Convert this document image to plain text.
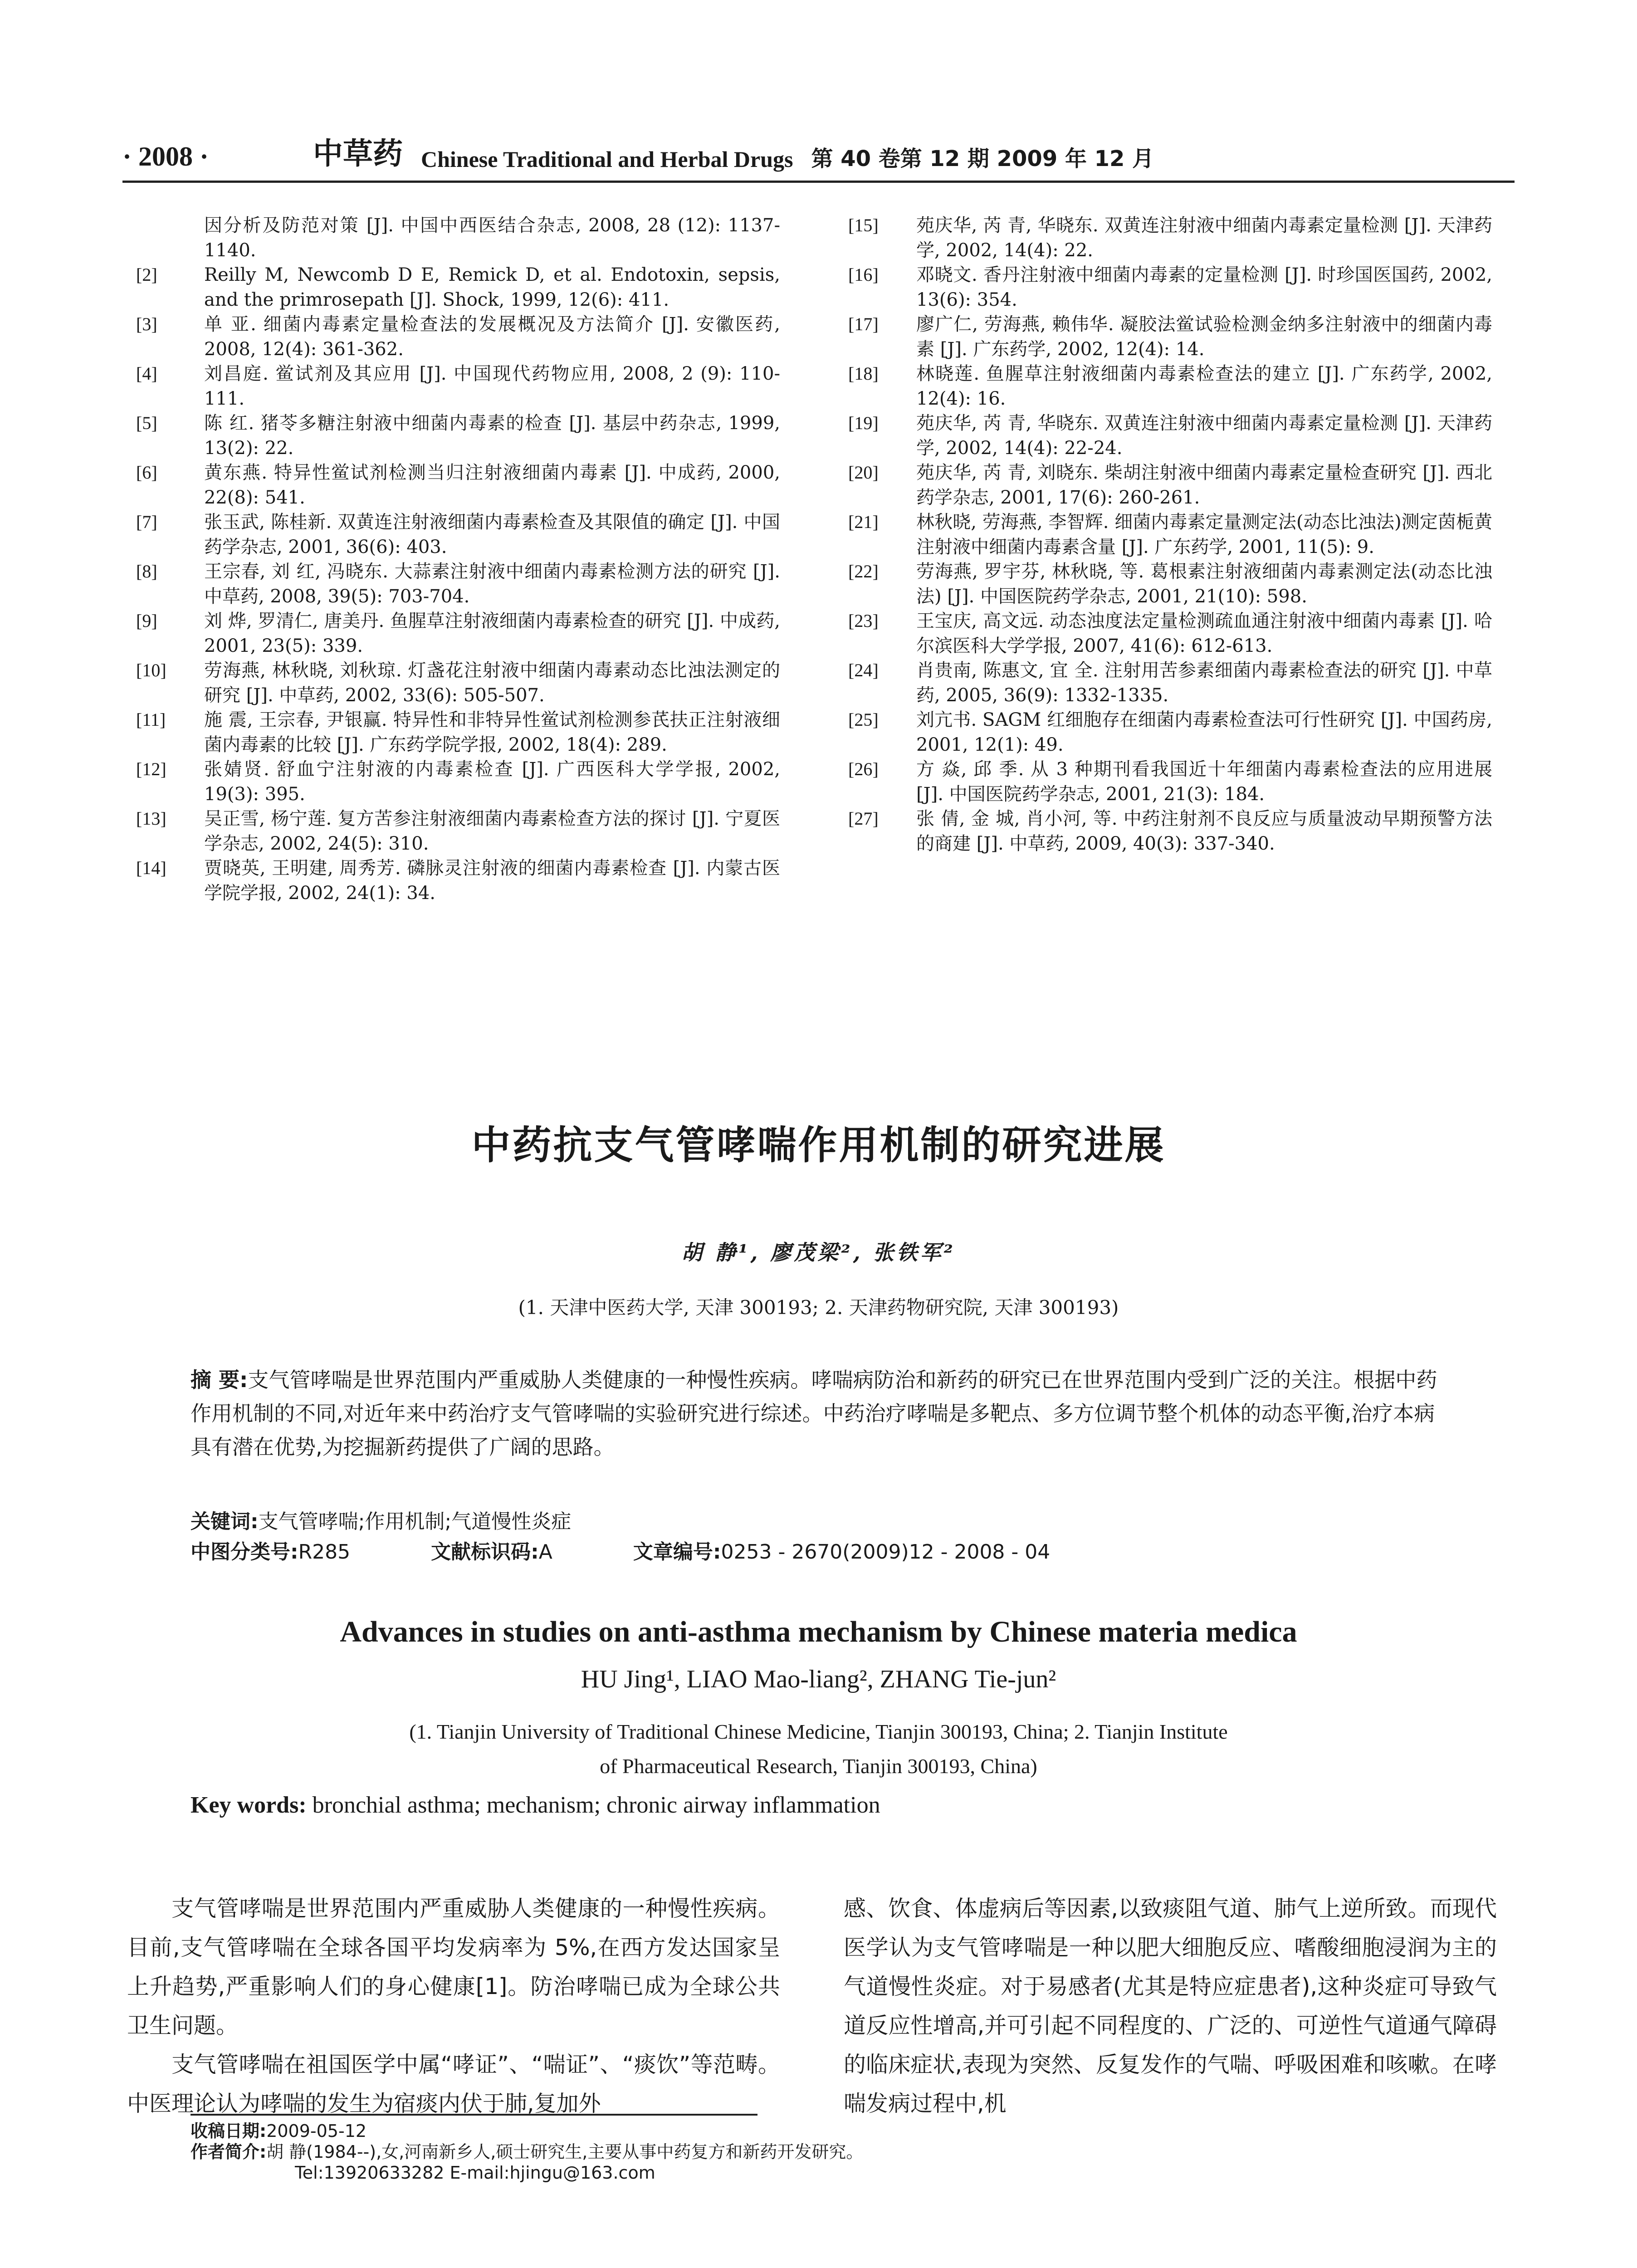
· 2008 ·	中草药 Chinese Traditional and Herbal Drugs 第 40 卷第 12 期 2009 年 12 月
因分析及防范对策 [J]. 中国中西医结合杂志, 2008, 28 (12): 1137-1140.
[2]	Reilly M, Newcomb D E, Remick D, et al. Endotoxin, sepsis, and the primrosepath [J]. Shock, 1999, 12(6): 411.
[3]	单 亚. 细菌内毒素定量检查法的发展概况及方法简介 [J]. 安徽医药, 2008, 12(4): 361-362.
[4]	刘昌庭. 鲎试剂及其应用 [J]. 中国现代药物应用, 2008, 2 (9): 110-111.
[5]	陈 红. 猪苓多糖注射液中细菌内毒素的检查 [J]. 基层中药杂志, 1999, 13(2): 22.
[6]	黄东燕. 特异性鲎试剂检测当归注射液细菌内毒素 [J]. 中成药, 2000, 22(8): 541.
[7]	张玉武, 陈桂新. 双黄连注射液细菌内毒素检查及其限值的确定 [J]. 中国药学杂志, 2001, 36(6): 403.
[8]	王宗春, 刘 红, 冯晓东. 大蒜素注射液中细菌内毒素检测方法的研究 [J]. 中草药, 2008, 39(5): 703-704.
[9]	刘 烨, 罗清仁, 唐美丹. 鱼腥草注射液细菌内毒素检查的研究 [J]. 中成药, 2001, 23(5): 339.
[10]	劳海燕, 林秋晓, 刘秋琼. 灯盏花注射液中细菌内毒素动态比浊法测定的研究 [J]. 中草药, 2002, 33(6): 505-507.
[11]	施 震, 王宗春, 尹银赢. 特异性和非特异性鲎试剂检测参芪扶正注射液细菌内毒素的比较 [J]. 广东药学院学报, 2002, 18(4): 289.
[12]	张婧贤. 舒血宁注射液的内毒素检查 [J]. 广西医科大学学报, 2002, 19(3): 395.
[13]	吴正雪, 杨宁莲. 复方苦参注射液细菌内毒素检查方法的探讨 [J]. 宁夏医学杂志, 2002, 24(5): 310.
[14]	贾晓英, 王明建, 周秀芳. 磷脉灵注射液的细菌内毒素检查 [J]. 内蒙古医学院学报, 2002, 24(1): 34.
[15]	苑庆华, 芮 青, 华晓东. 双黄连注射液中细菌内毒素定量检测 [J]. 天津药学, 2002, 14(4): 22.
[16]	邓晓文. 香丹注射液中细菌内毒素的定量检测 [J]. 时珍国医国药, 2002, 13(6): 354.
[17]	廖广仁, 劳海燕, 赖伟华. 凝胶法鲎试验检测金纳多注射液中的细菌内毒素 [J]. 广东药学, 2002, 12(4): 14.
[18]	林晓莲. 鱼腥草注射液细菌内毒素检查法的建立 [J]. 广东药学, 2002, 12(4): 16.
[19]	苑庆华, 芮 青, 华晓东. 双黄连注射液中细菌内毒素定量检测 [J]. 天津药学, 2002, 14(4): 22-24.
[20]	苑庆华, 芮 青, 刘晓东. 柴胡注射液中细菌内毒素定量检查研究 [J]. 西北药学杂志, 2001, 17(6): 260-261.
[21]	林秋晓, 劳海燕, 李智辉. 细菌内毒素定量测定法(动态比浊法)测定茵栀黄注射液中细菌内毒素含量 [J]. 广东药学, 2001, 11(5): 9.
[22]	劳海燕, 罗宇芬, 林秋晓, 等. 葛根素注射液细菌内毒素测定法(动态比浊法) [J]. 中国医院药学杂志, 2001, 21(10): 598.
[23]	王宝庆, 高文远. 动态浊度法定量检测疏血通注射液中细菌内毒素 [J]. 哈尔滨医科大学学报, 2007, 41(6): 612-613.
[24]	肖贵南, 陈惠文, 宜 全. 注射用苦参素细菌内毒素检查法的研究 [J]. 中草药, 2005, 36(9): 1332-1335.
[25]	刘亢书. SAGM 红细胞存在细菌内毒素检查法可行性研究 [J]. 中国药房, 2001, 12(1): 49.
[26]	方 焱, 邱 季. 从 3 种期刊看我国近十年细菌内毒素检查法的应用进展 [J]. 中国医院药学杂志, 2001, 21(3): 184.
[27]	张 倩, 金 城, 肖小河, 等. 中药注射剂不良反应与质量波动早期预警方法的商建 [J]. 中草药, 2009, 40(3): 337-340.
中药抗支气管哮喘作用机制的研究进展
胡 静¹, 廖茂梁², 张铁军²
(1. 天津中医药大学, 天津 300193; 2. 天津药物研究院, 天津 300193)
摘 要:支气管哮喘是世界范围内严重威胁人类健康的一种慢性疾病。哮喘病防治和新药的研究已在世界范围内受到广泛的关注。根据中药作用机制的不同,对近年来中药治疗支气管哮喘的实验研究进行综述。中药治疗哮喘是多靶点、多方位调节整个机体的动态平衡,治疗本病具有潜在优势,为挖掘新药提供了广阔的思路。
关键词:支气管哮喘;作用机制;气道慢性炎症
中图分类号:R285	文献标识码:A	文章编号:0253 - 2670(2009)12 - 2008 - 04
Advances in studies on anti-asthma mechanism by Chinese materia medica
HU Jing¹, LIAO Mao-liang², ZHANG Tie-jun²
(1. Tianjin University of Traditional Chinese Medicine, Tianjin 300193, China; 2. Tianjin Institute
of Pharmaceutical Research, Tianjin 300193, China)
Key words: bronchial asthma; mechanism; chronic airway inflammation

支气管哮喘是世界范围内严重威胁人类健康的一种慢性疾病。目前,支气管哮喘在全球各国平均发病率为 5%,在西方发达国家呈上升趋势,严重影响人们的身心健康[1]。防治哮喘已成为全球公共卫生问题。

支气管哮喘在祖国医学中属“哮证”、“喘证”、“痰饮”等范畴。中医理论认为哮喘的发生为宿痰内伏于肺,复加外

感、饮食、体虚病后等因素,以致痰阻气道、肺气上逆所致。而现代医学认为支气管哮喘是一种以肥大细胞反应、嗜酸细胞浸润为主的气道慢性炎症。对于易感者(尤其是特应症患者),这种炎症可导致气道反应性增高,并可引起不同程度的、广泛的、可逆性气道通气障碍的临床症状,表现为突然、反复发作的气喘、呼吸困难和咳嗽。在哮喘发病过程中,机

收稿日期:2009-05-12
作者简介:胡 静(1984--),女,河南新乡人,硕士研究生,主要从事中药复方和新药开发研究。
Tel:13920633282 E-mail:hjingu@163.com
